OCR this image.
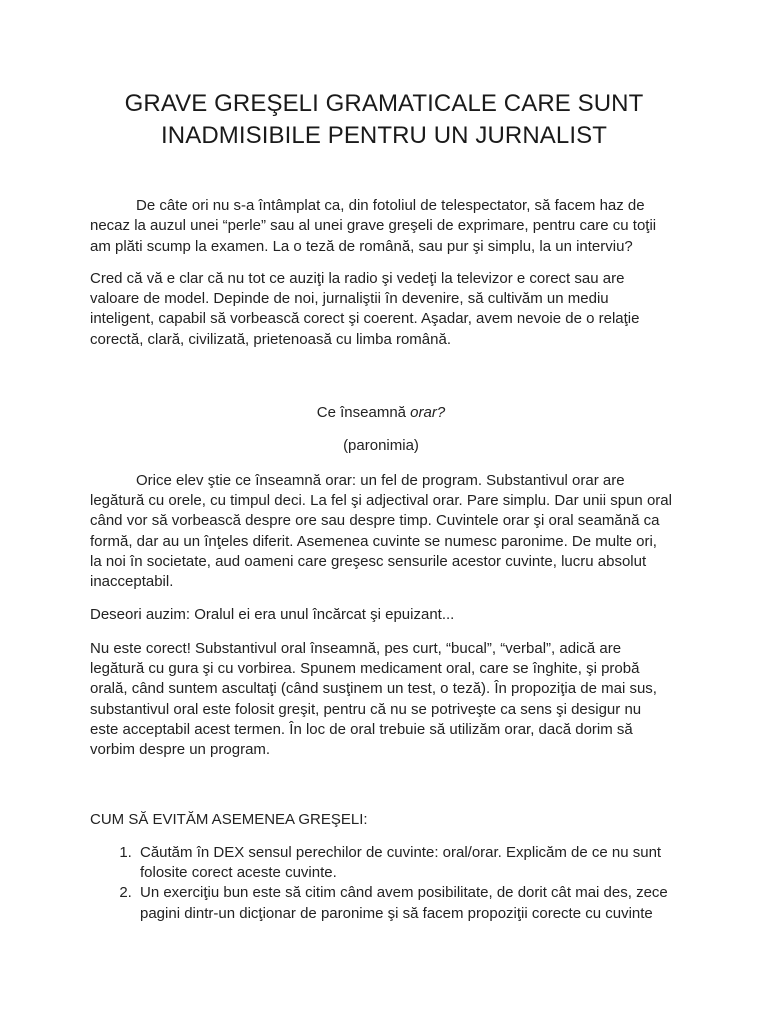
GRAVE GREŞELI GRAMATICALE CARE SUNT
INADMISIBILE PENTRU UN JURNALIST

De câte ori nu s-a întâmplat ca, din fotoliul de telespectator, să facem haz de necaz la auzul unei “perle” sau al unei grave greşeli de exprimare, pentru care cu toţii am plăti scump la examen. La o teză de română, sau pur şi simplu, la un interviu?

Cred că vă e clar că nu tot ce auziţi la radio şi vedeţi la televizor e corect sau are valoare de model. Depinde de noi, jurnaliştii în devenire, să cultivăm un mediu inteligent, capabil să vorbească corect şi coerent. Aşadar, avem nevoie de o relaţie corectă, clară, civilizată, prietenoasă cu limba română.

Ce înseamnă orar?

(paronimia)

Orice elev ştie ce înseamnă orar: un fel de program. Substantivul orar are legătură cu orele, cu timpul deci. La fel şi adjectival orar. Pare simplu. Dar unii spun oral când vor să vorbească despre ore sau despre timp. Cuvintele orar şi oral seamănă ca formă, dar au un înţeles diferit. Asemenea cuvinte se numesc paronime. De multe ori, la noi în societate, aud oameni care greşesc sensurile acestor cuvinte, lucru absolut inacceptabil.

Deseori auzim: Oralul ei era unul încărcat şi epuizant...

Nu este corect! Substantivul oral înseamnă, pes curt, “bucal”, “verbal”, adică are legătură cu gura şi cu vorbirea. Spunem medicament oral, care se înghite, şi probă orală, când suntem ascultaţi (când susţinem un test, o teză). În propoziţia de mai sus, substantivul oral este folosit greşit, pentru că nu se potriveşte ca sens şi desigur nu este acceptabil acest termen. În loc de oral trebuie să utilizăm orar, dacă dorim să vorbim despre un program.

CUM SĂ EVITĂM ASEMENEA GREŞELI:

1. Căutăm în DEX sensul perechilor de cuvinte: oral/orar. Explicăm de ce nu sunt folosite corect aceste cuvinte.
2. Un exerciţiu bun este să citim când avem posibilitate, de dorit cât mai des, zece pagini dintr-un dicţionar de paronime şi să facem propoziţii corecte cu cuvinte
